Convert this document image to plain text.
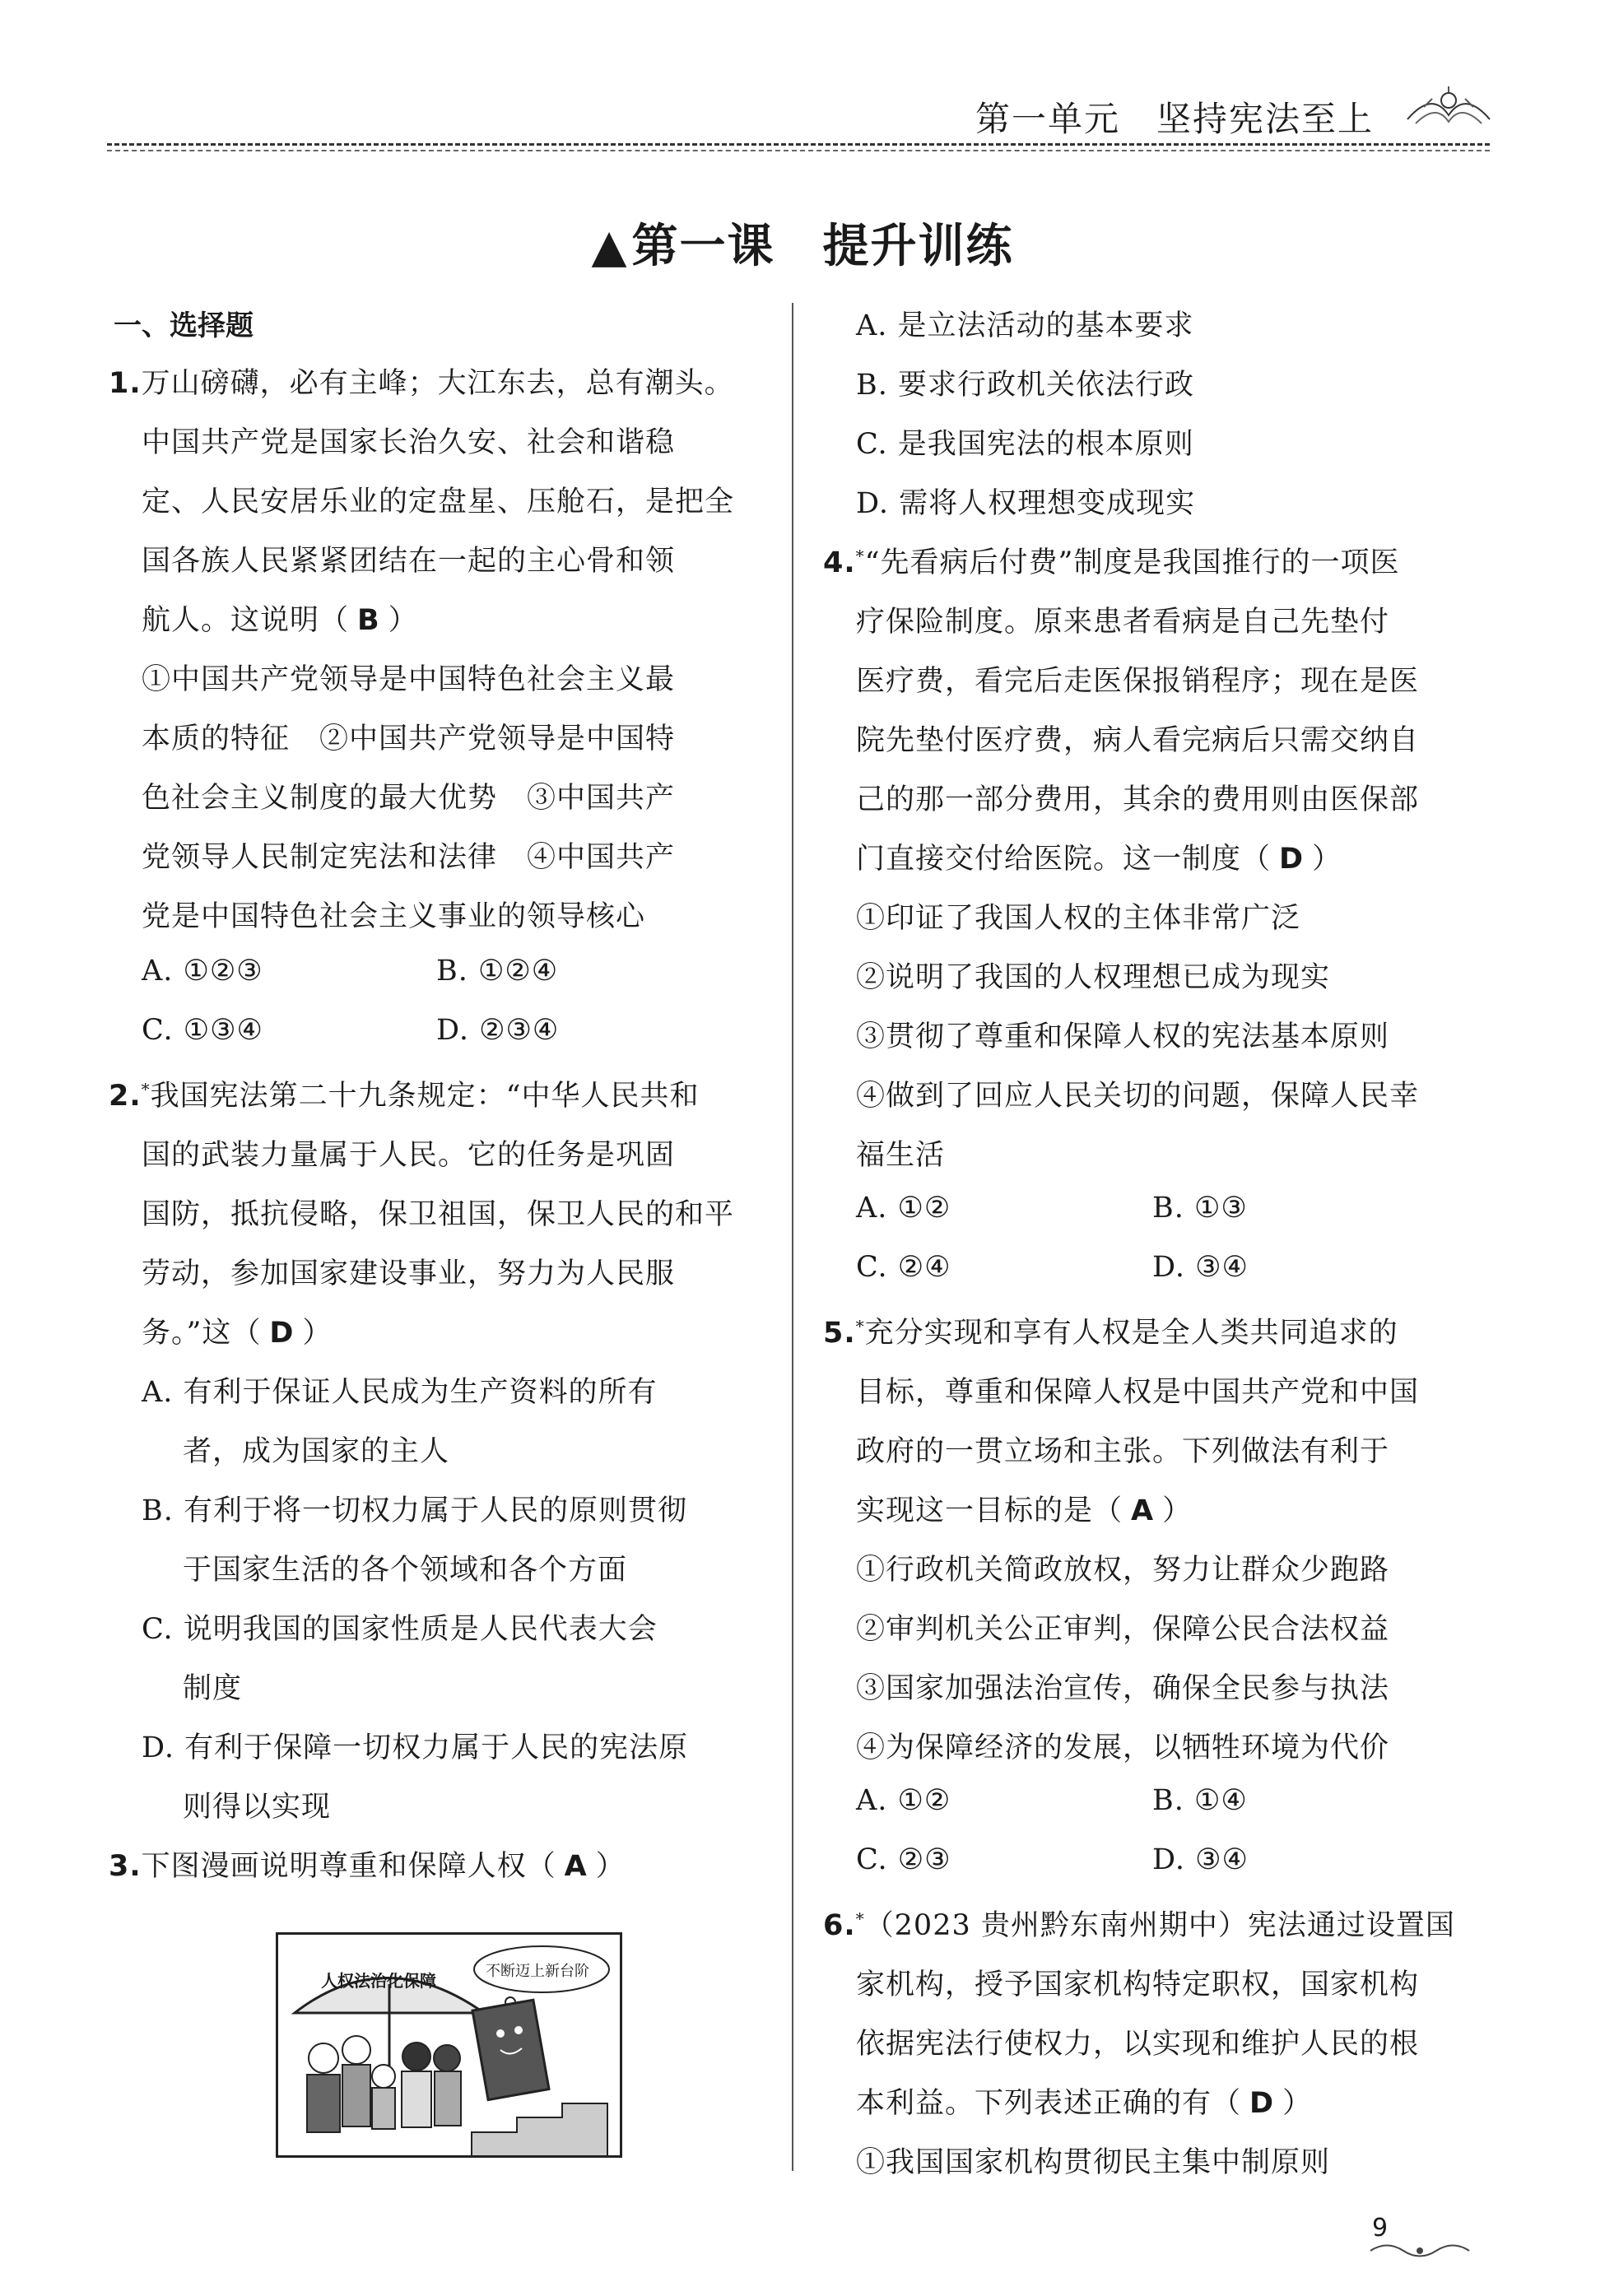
第一单元　坚持宪法至上
▲第一课　提升训练
一、选择题
1.万山磅礴，必有主峰；大江东去，总有潮头。
中国共产党是国家长治久安、社会和谐稳
定、人民安居乐业的定盘星、压舱石，是把全
国各族人民紧紧团结在一起的主心骨和领
航人。这说明（ B ）
①中国共产党领导是中国特色社会主义最
本质的特征　②中国共产党领导是中国特
色社会主义制度的最大优势　③中国共产
党领导人民制定宪法和法律　④中国共产
党是中国特色社会主义事业的领导核心
A. ①②③	B. ①②④
C. ①③④	D. ②③④
2.*我国宪法第二十九条规定：“中华人民共和
国的武装力量属于人民。它的任务是巩固
国防，抵抗侵略，保卫祖国，保卫人民的和平
劳动，参加国家建设事业，努力为人民服
务。”这（ D ）
A. 有利于保证人民成为生产资料的所有
者，成为国家的主人
B. 有利于将一切权力属于人民的原则贯彻
于国家生活的各个领域和各个方面
C. 说明我国的国家性质是人民代表大会
制度
D. 有利于保障一切权力属于人民的宪法原
则得以实现
3.下图漫画说明尊重和保障人权（ A ）
人权法治化保障	不断迈上新台阶
A. 是立法活动的基本要求
B. 要求行政机关依法行政
C. 是我国宪法的根本原则
D. 需将人权理想变成现实
4.*“先看病后付费”制度是我国推行的一项医
疗保险制度。原来患者看病是自己先垫付
医疗费，看完后走医保报销程序；现在是医
院先垫付医疗费，病人看完病后只需交纳自
己的那一部分费用，其余的费用则由医保部
门直接交付给医院。这一制度（ D ）
①印证了我国人权的主体非常广泛
②说明了我国的人权理想已成为现实
③贯彻了尊重和保障人权的宪法基本原则
④做到了回应人民关切的问题，保障人民幸
福生活
A. ①②	B. ①③
C. ②④	D. ③④
5.*充分实现和享有人权是全人类共同追求的
目标，尊重和保障人权是中国共产党和中国
政府的一贯立场和主张。下列做法有利于
实现这一目标的是（ A ）
①行政机关简政放权，努力让群众少跑路
②审判机关公正审判，保障公民合法权益
③国家加强法治宣传，确保全民参与执法
④为保障经济的发展，以牺牲环境为代价
A. ①②	B. ①④
C. ②③	D. ③④
6.*（2023 贵州黔东南州期中）宪法通过设置国
家机构，授予国家机构特定职权，国家机构
依据宪法行使权力，以实现和维护人民的根
本利益。下列表述正确的有（ D ）
①我国国家机构贯彻民主集中制原则
9
